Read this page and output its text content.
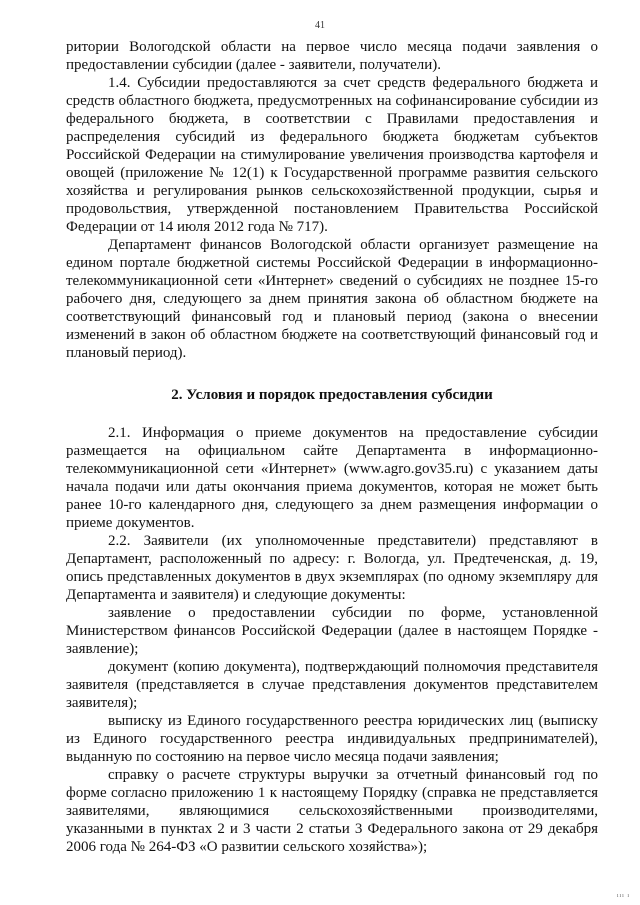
41

ритории Вологодской области на первое число месяца подачи заявления о предоставлении субсидии (далее - заявители, получатели).

1.4. Субсидии предоставляются за счет средств федерального бюджета и средств областного бюджета, предусмотренных на софинансирование субсидии из федерального бюджета, в соответствии с Правилами предоставления и распределения субсидий из федерального бюджета бюджетам субъектов Российской Федерации на стимулирование увеличения производства картофеля и овощей (приложение № 12(1) к Государственной программе развития сельского хозяйства и регулирования рынков сельскохозяйственной продукции, сырья и продовольствия, утвержденной постановлением Правительства Российской Федерации от 14 июля 2012 года № 717).

Департамент финансов Вологодской области организует размещение на едином портале бюджетной системы Российской Федерации в информационно-телекоммуникационной сети «Интернет» сведений о субсидиях не позднее 15-го рабочего дня, следующего за днем принятия закона об областном бюджете на соответствующий финансовый год и плановый период (закона о внесении изменений в закон об областном бюджете на соответствующий финансовый год и плановый период).

2. Условия и порядок предоставления субсидии

2.1. Информация о приеме документов на предоставление субсидии размещается на официальном сайте Департамента в информационно-телекоммуникационной сети «Интернет» (www.agro.gov35.ru) с указанием даты начала подачи или даты окончания приема документов, которая не может быть ранее 10-го календарного дня, следующего за днем размещения информации о приеме документов.

2.2. Заявители (их уполномоченные представители) представляют в Департамент, расположенный по адресу: г. Вологда, ул. Предтеченская, д. 19, опись представленных документов в двух экземплярах (по одному экземпляру для Департамента и заявителя) и следующие документы:

заявление о предоставлении субсидии по форме, установленной Министерством финансов Российской Федерации (далее в настоящем Порядке - заявление);

документ (копию документа), подтверждающий полномочия представителя заявителя (представляется в случае представления документов представителем заявителя);

выписку из Единого государственного реестра юридических лиц (выписку из Единого государственного реестра индивидуальных предпринимателей), выданную по состоянию на первое число месяца подачи заявления;

справку о расчете структуры выручки за отчетный финансовый год по форме согласно приложению 1 к настоящему Порядку (справка не представляется заявителями, являющимися сельскохозяйственными производителями, указанными в пунктах 2 и 3 части 2 статьи 3 Федерального закона от 29 декабря 2006 года № 264-ФЗ «О развитии сельского хозяйства»);

ııı ı
